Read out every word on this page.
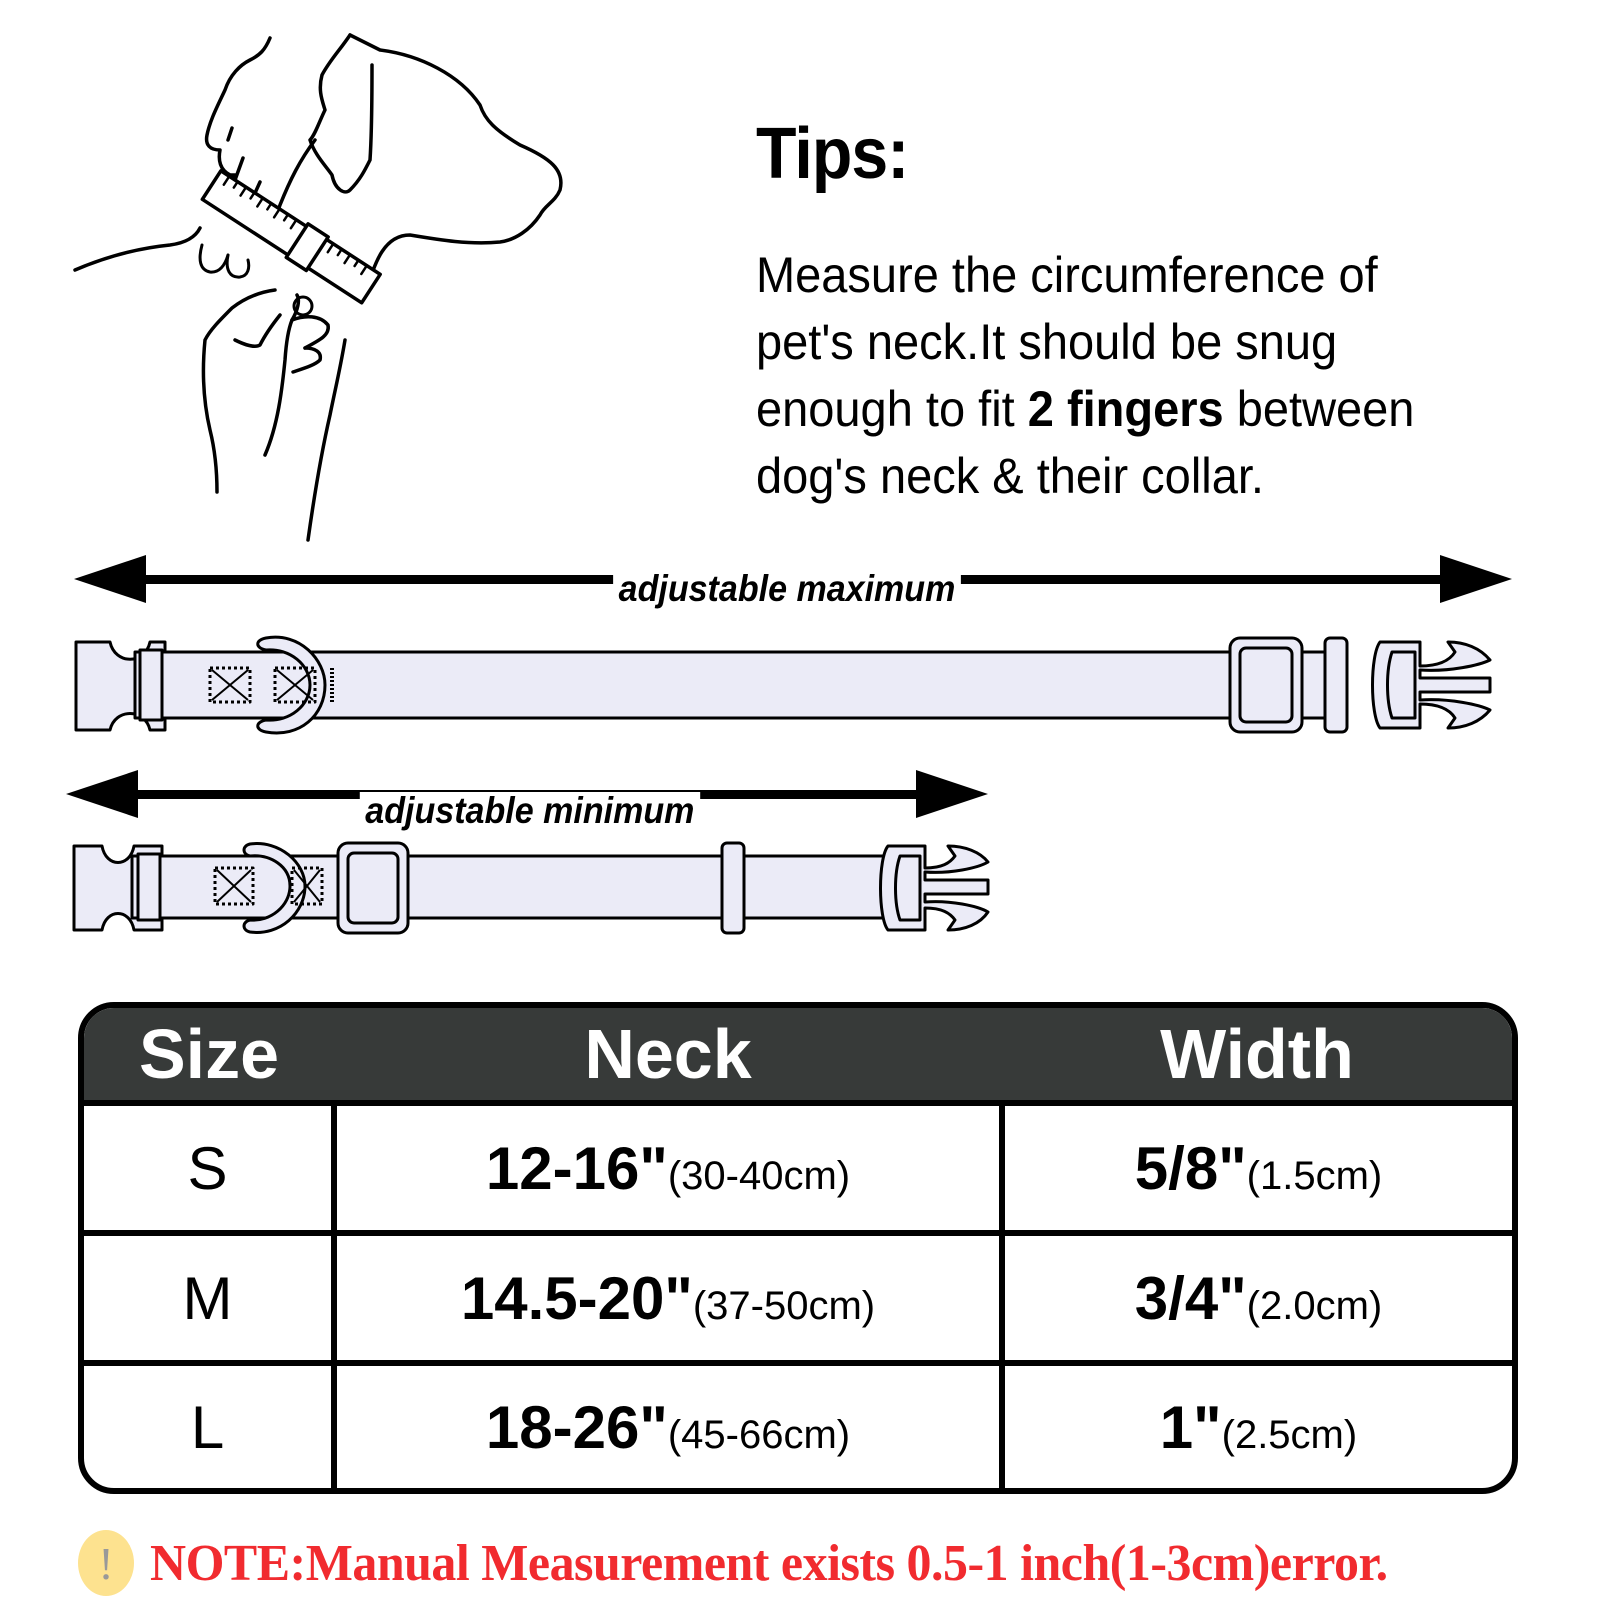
Tips:
Measure the circumference of
pet's neck.It should be snug
enough to fit 2 fingers between
dog's neck & their collar.
adjustable maximum
adjustable minimum
Size	Neck	Width
S	12-16"(30-40cm)	5/8"(1.5cm)
M	14.5-20"(37-50cm)	3/4"(2.0cm)
L	18-26"(45-66cm)	1"(2.5cm)
! NOTE:Manual Measurement exists 0.5-1 inch(1-3cm)error.
